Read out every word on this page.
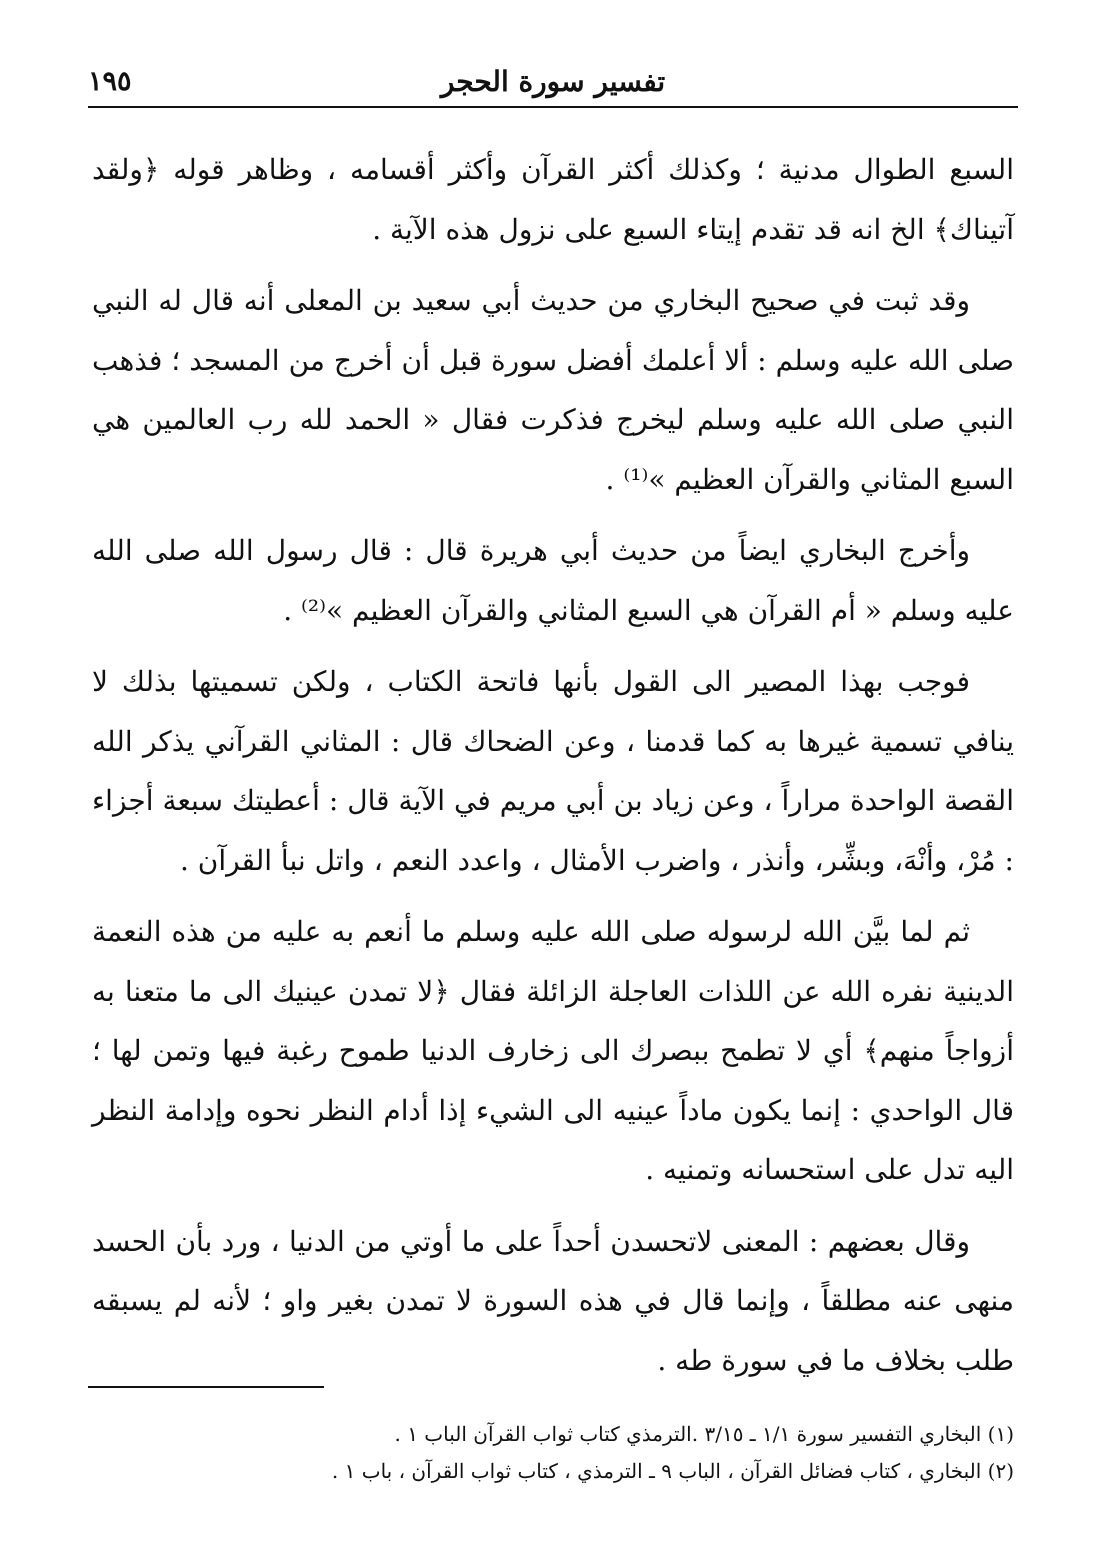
تفسير سورة الحجر
١٩٥

السبع الطوال مدنية ؛ وكذلك أكثر القرآن وأكثر أقسامه ، وظاهر قوله ﴿ولقد آتيناك﴾ الخ انه قد تقدم إيتاء السبع على نزول هذه الآية .

وقد ثبت في صحيح البخاري من حديث أبي سعيد بن المعلى أنه قال له النبي صلى الله عليه وسلم : ألا أعلمك أفضل سورة قبل أن أخرج من المسجد ؛ فذهب النبي صلى الله عليه وسلم ليخرج فذكرت فقال « الحمد لله رب العالمين هي السبع المثاني والقرآن العظيم »⁽¹⁾ .

وأخرج البخاري ايضاً من حديث أبي هريرة قال : قال رسول الله صلى الله عليه وسلم « أم القرآن هي السبع المثاني والقرآن العظيم »⁽²⁾ .

فوجب بهذا المصير الى القول بأنها فاتحة الكتاب ، ولكن تسميتها بذلك لا ينافي تسمية غيرها به كما قدمنا ، وعن الضحاك قال : المثاني القرآني يذكر الله القصة الواحدة مراراً ، وعن زياد بن أبي مريم في الآية قال : أعطيتك سبعة أجزاء : مُرْ، وأنْهَ، وبشِّر، وأنذر ، واضرب الأمثال ، واعدد النعم ، واتل نبأ القرآن .

ثم لما بيَّن الله لرسوله صلى الله عليه وسلم ما أنعم به عليه من هذه النعمة الدينية نفره الله عن اللذات العاجلة الزائلة فقال ﴿لا تمدن عينيك الى ما متعنا به أزواجاً منهم﴾ أي لا تطمح ببصرك الى زخارف الدنيا طموح رغبة فيها وتمن لها ؛ قال الواحدي : إنما يكون ماداً عينيه الى الشيء إذا أدام النظر نحوه وإدامة النظر اليه تدل على استحسانه وتمنيه .

وقال بعضهم : المعنى لاتحسدن أحداً على ما أوتي من الدنيا ، ورد بأن الحسد منهى عنه مطلقاً ، وإنما قال في هذه السورة لا تمدن بغير واو ؛ لأنه لم يسبقه طلب بخلاف ما في سورة طه .

(١) البخاري التفسير سورة ١/١ ـ ٣/١٥ .الترمذي كتاب ثواب القرآن الباب ١ .

(٢) البخاري ، كتاب فضائل القرآن ، الباب ٩ ـ الترمذي ، كتاب ثواب القرآن ، باب ١ .
